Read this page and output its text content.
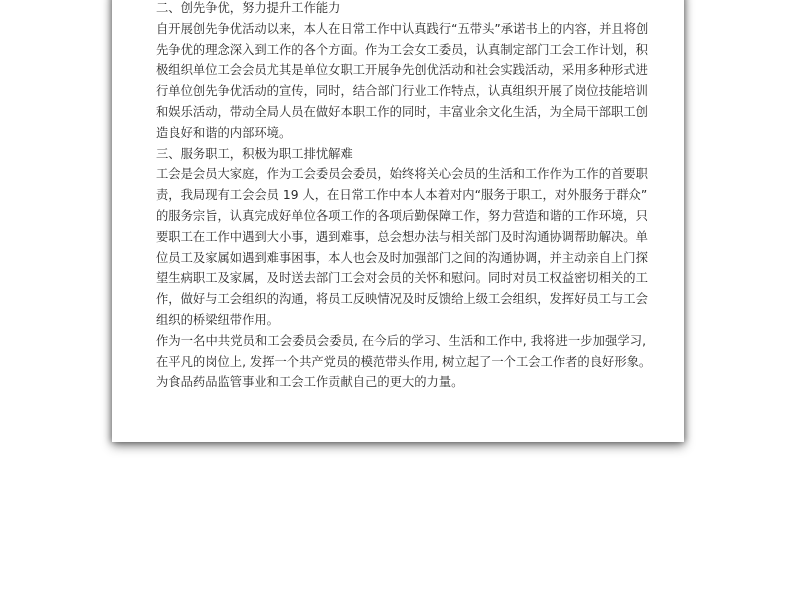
二、创先争优，努力提升工作能力
自开展创先争优活动以来，本人在日常工作中认真践行“五带头”承诺书上的内容，并且将创
先争优的理念深入到工作的各个方面。作为工会女工委员，认真制定部门工会工作计划，积
极组织单位工会会员尤其是单位女职工开展争先创优活动和社会实践活动，采用多种形式进
行单位创先争优活动的宣传，同时，结合部门行业工作特点，认真组织开展了岗位技能培训
和娱乐活动，带动全局人员在做好本职工作的同时，丰富业余文化生活，为全局干部职工创
造良好和谐的内部环境。
三、服务职工，积极为职工排忧解难
工会是会员大家庭，作为工会委员会委员，始终将关心会员的生活和工作作为工作的首要职
责，我局现有工会会员 19 人，在日常工作中本人本着对内“服务于职工，对外服务于群众”
的服务宗旨，认真完成好单位各项工作的各项后勤保障工作，努力营造和谐的工作环境，只
要职工在工作中遇到大小事，遇到难事，总会想办法与相关部门及时沟通协调帮助解决。单
位员工及家属如遇到难事困事，本人也会及时加强部门之间的沟通协调，并主动亲自上门探
望生病职工及家属，及时送去部门工会对会员的关怀和慰问。同时对员工权益密切相关的工
作，做好与工会组织的沟通，将员工反映情况及时反馈给上级工会组织，发挥好员工与工会
组织的桥梁纽带作用。
作为一名中共党员和工会委员会委员, 在今后的学习、生活和工作中, 我将进一步加强学习,
在平凡的岗位上, 发挥一个共产党员的模范带头作用, 树立起了一个工会工作者的良好形象。
为食品药品监管事业和工会工作贡献自己的更大的力量。
